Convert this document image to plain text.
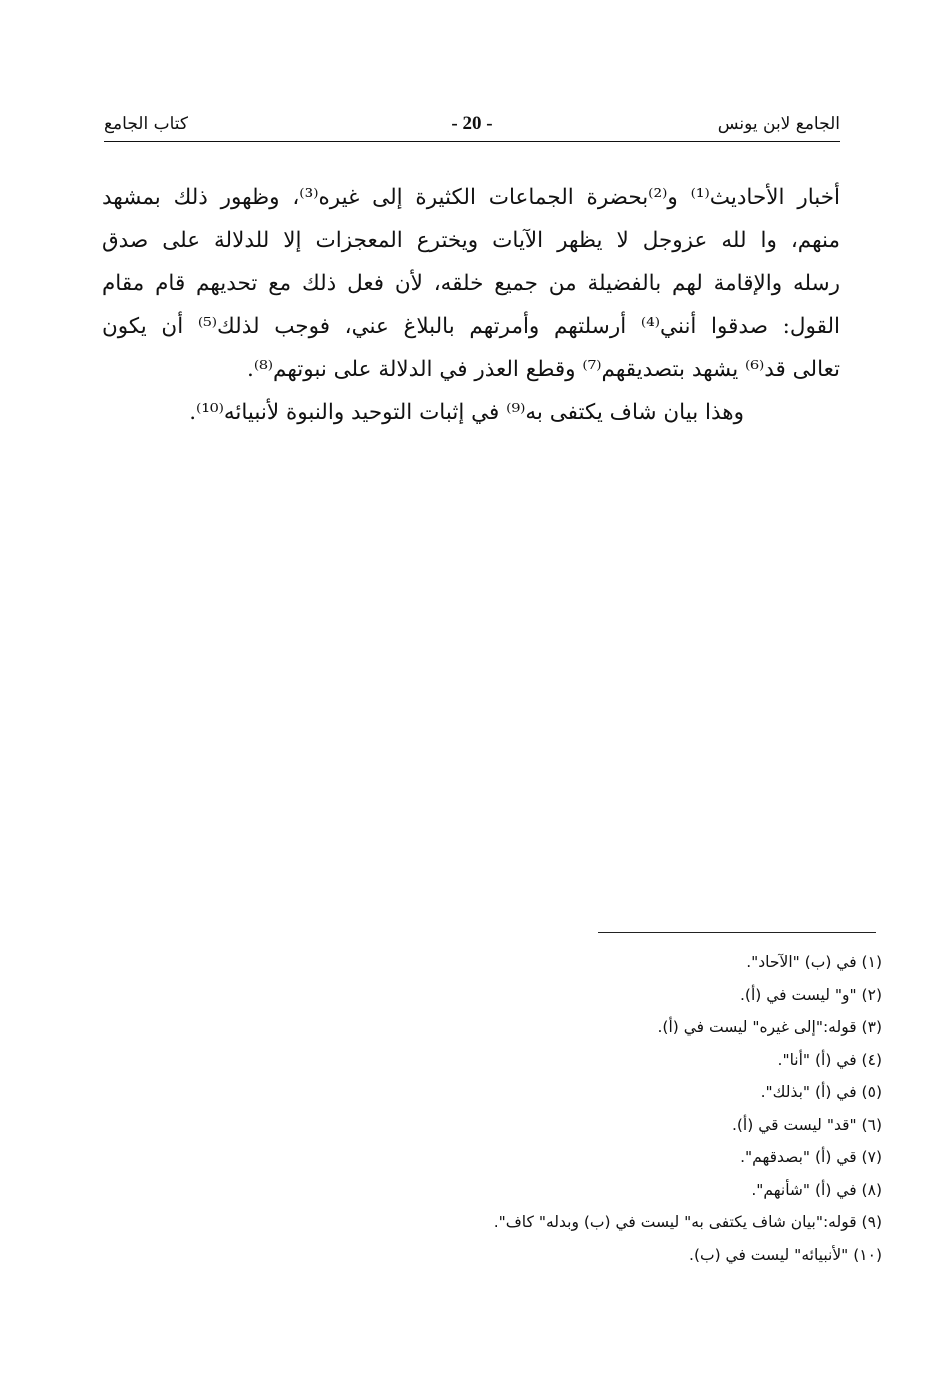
الجامع لابن يونس
- 20 -
كتاب الجامع
أخبار الأحاديث⁽¹⁾ و⁽²⁾بحضرة الجماعات الكثيرة إلى غيره⁽³⁾، وظهور ذلك بمشهد
منهم، وا لله عزوجل لا يظهر الآيات ويخترع المعجزات إلا للدلالة على صدق
رسله والإقامة لهم بالفضيلة من جميع خلقه، لأن فعل ذلك مع تحديهم قام مقام
القول: صدقوا أنني⁽⁴⁾ أرسلتهم وأمرتهم بالبلاغ عني، فوجب لذلك⁽⁵⁾ أن يكون
تعالى قد⁽⁶⁾ يشهد بتصديقهم⁽⁷⁾ وقطع العذر في الدلالة على نبوتهم⁽⁸⁾.
وهذا بيان شاف يكتفى به⁽⁹⁾ في إثبات التوحيد والنبوة لأنبيائه⁽¹⁰⁾.
(١) في (ب) "الآحاد".
(٢) "و" ليست في (أ).
(٣) قوله:"إلى غيره" ليست في (أ).
(٤) في (أ) "أنا".
(٥) في (أ) "بذلك".
(٦) "قد" ليست قي (أ).
(٧) قي (أ) "بصدقهم".
(٨) في (أ) "شأنهم".
(٩) قوله:"بيان شاف يكتفى به" ليست في (ب) وبدله" كاف".
(١٠) "لأنبيائه" ليست في (ب).
